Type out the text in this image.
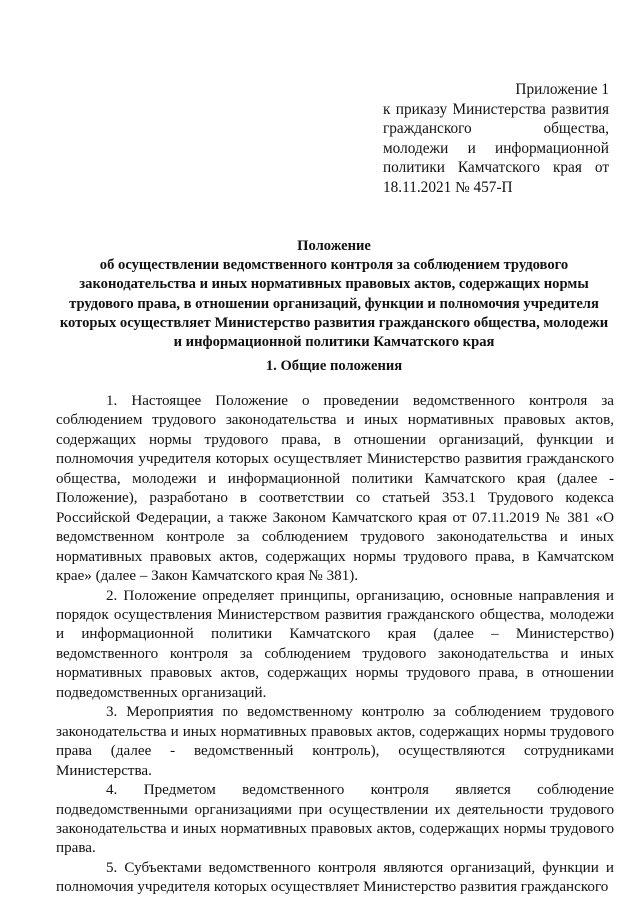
Приложение 1
к приказу Министерства развития гражданского общества, молодежи и информационной политики Камчатского края от 18.11.2021 № 457-П
Положение
об осуществлении ведомственного контроля за соблюдением трудового законодательства и иных нормативных правовых актов, содержащих нормы трудового права, в отношении организаций, функции и полномочия учредителя которых осуществляет Министерство развития гражданского общества, молодежи и информационной политики Камчатского края
1. Общие положения

1. Настоящее Положение о проведении ведомственного контроля за соблюдением трудового законодательства и иных нормативных правовых актов, содержащих нормы трудового права, в отношении организаций, функции и полномочия учредителя которых осуществляет Министерство развития гражданского общества, молодежи и информационной политики Камчатского края (далее - Положение), разработано в соответствии со статьей 353.1 Трудового кодекса Российской Федерации, а также Законом Камчатского края от 07.11.2019 № 381 «О ведомственном контроле за соблюдением трудового законодательства и иных нормативных правовых актов, содержащих нормы трудового права, в Камчатском крае» (далее – Закон Камчатского края № 381).

2. Положение определяет принципы, организацию, основные направления и порядок осуществления Министерством развития гражданского общества, молодежи и информационной политики Камчатского края (далее – Министерство) ведомственного контроля за соблюдением трудового законодательства и иных нормативных правовых актов, содержащих нормы трудового права, в отношении подведомственных организаций.

3. Мероприятия по ведомственному контролю за соблюдением трудового законодательства и иных нормативных правовых актов, содержащих нормы трудового права (далее - ведомственный контроль), осуществляются сотрудниками Министерства.

4. Предметом ведомственного контроля является соблюдение подведомственными организациями при осуществлении их деятельности трудового законодательства и иных нормативных правовых актов, содержащих нормы трудового права.

5. Субъектами ведомственного контроля являются организаций, функции и полномочия учредителя которых осуществляет Министерство развития гражданского
